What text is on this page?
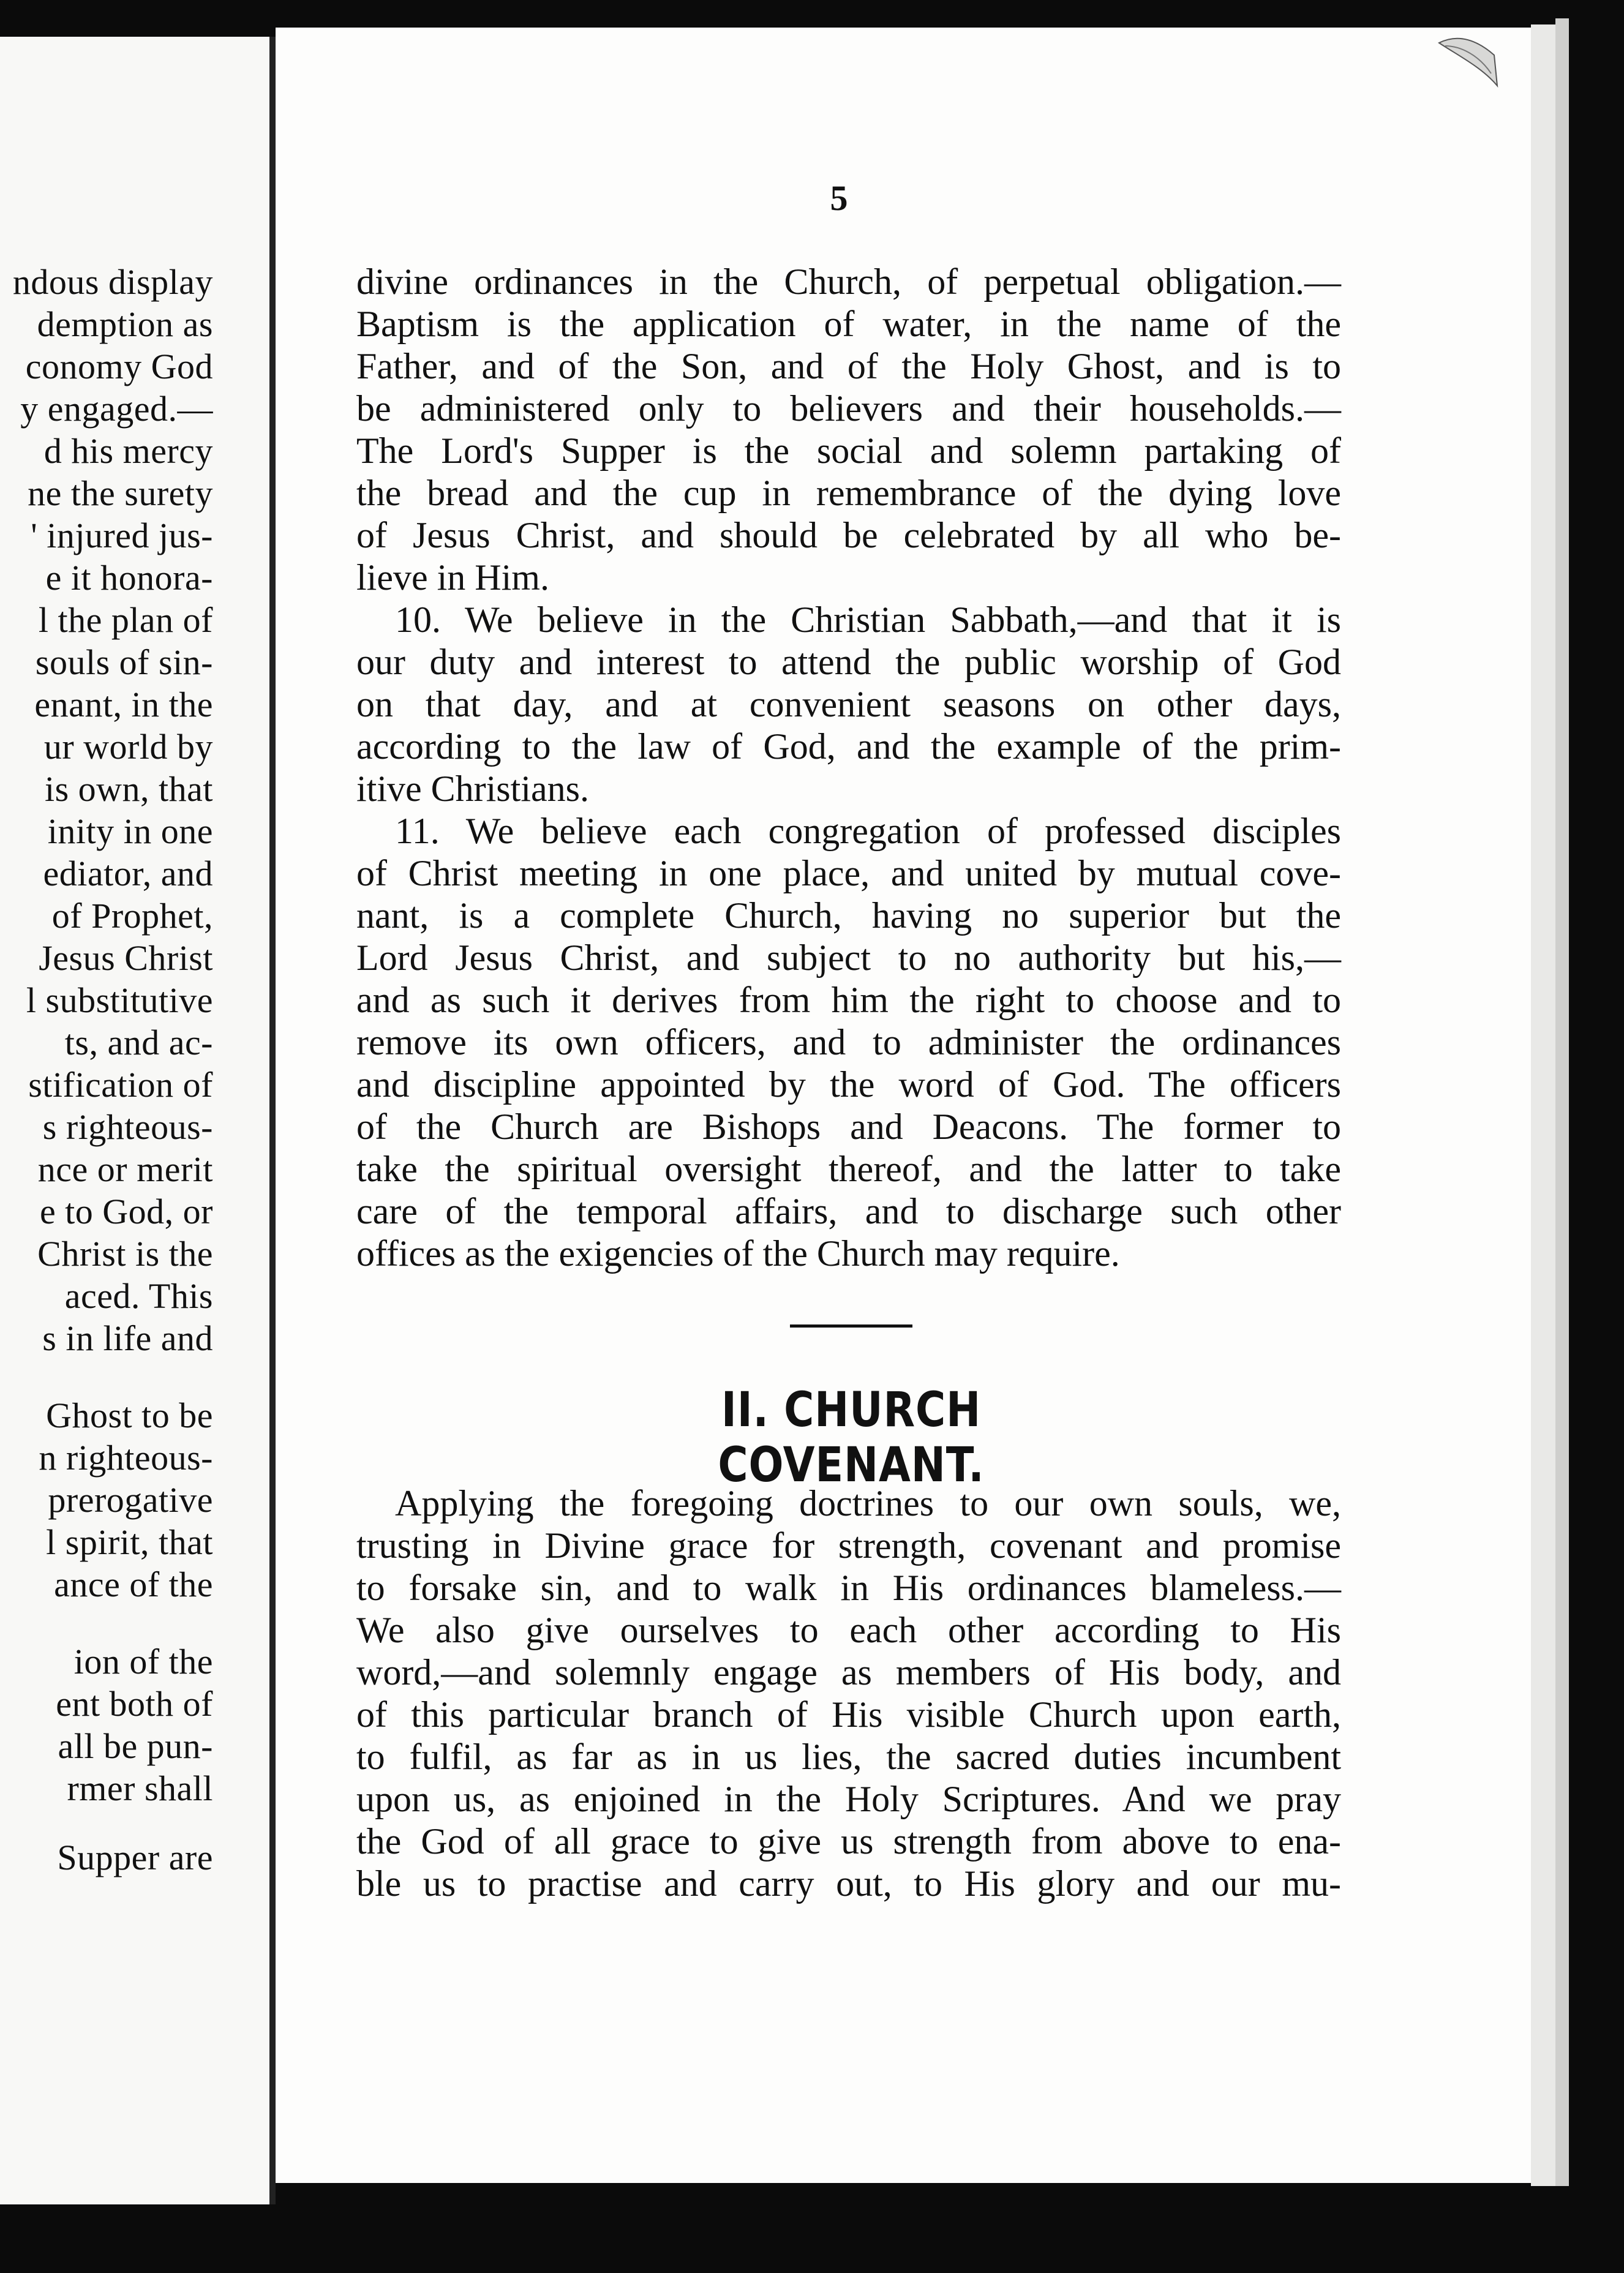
ndous display
demption as
conomy God
y engaged.—
d his mercy
ne the surety
' injured jus-
e it honora-
l the plan of
souls of sin-
enant, in the
ur world by
is own, that
inity in one
ediator, and
of Prophet,
Jesus Christ
l substitutive
ts, and ac-
stification of
s righteous-
nce or merit
e to God, or
Christ is the
aced. This
s in life and
Ghost to be
n righteous-
prerogative
l spirit, that
ance of the
ion of the
ent both of
all be pun-
rmer shall
Supper are
5
divine ordinances in the Church, of perpetual obligation.—
Baptism is the application of water, in the name of the
Father, and of the Son, and of the Holy Ghost, and is to
be administered only to believers and their households.—
The Lord's Supper is the social and solemn partaking of
the bread and the cup in remembrance of the dying love
of Jesus Christ, and should be celebrated by all who be-
lieve in Him.
10. We believe in the Christian Sabbath,—and that it is
our duty and interest to attend the public worship of God
on that day, and at convenient seasons on other days,
according to the law of God, and the example of the prim-
itive Christians.
11. We believe each congregation of professed disciples
of Christ meeting in one place, and united by mutual cove-
nant, is a complete Church, having no superior but the
Lord Jesus Christ, and subject to no authority but his,—
and as such it derives from him the right to choose and to
remove its own officers, and to administer the ordinances
and discipline appointed by the word of God. The officers
of the Church are Bishops and Deacons. The former to
take the spiritual oversight thereof, and the latter to take
care of the temporal affairs, and to discharge such other
offices as the exigencies of the Church may require.
II. CHURCH COVENANT.
Applying the foregoing doctrines to our own souls, we,
trusting in Divine grace for strength, covenant and promise
to forsake sin, and to walk in His ordinances blameless.—
We also give ourselves to each other according to His
word,—and solemnly engage as members of His body, and
of this particular branch of His visible Church upon earth,
to fulfil, as far as in us lies, the sacred duties incumbent
upon us, as enjoined in the Holy Scriptures. And we pray
the God of all grace to give us strength from above to ena-
ble us to practise and carry out, to His glory and our mu-
